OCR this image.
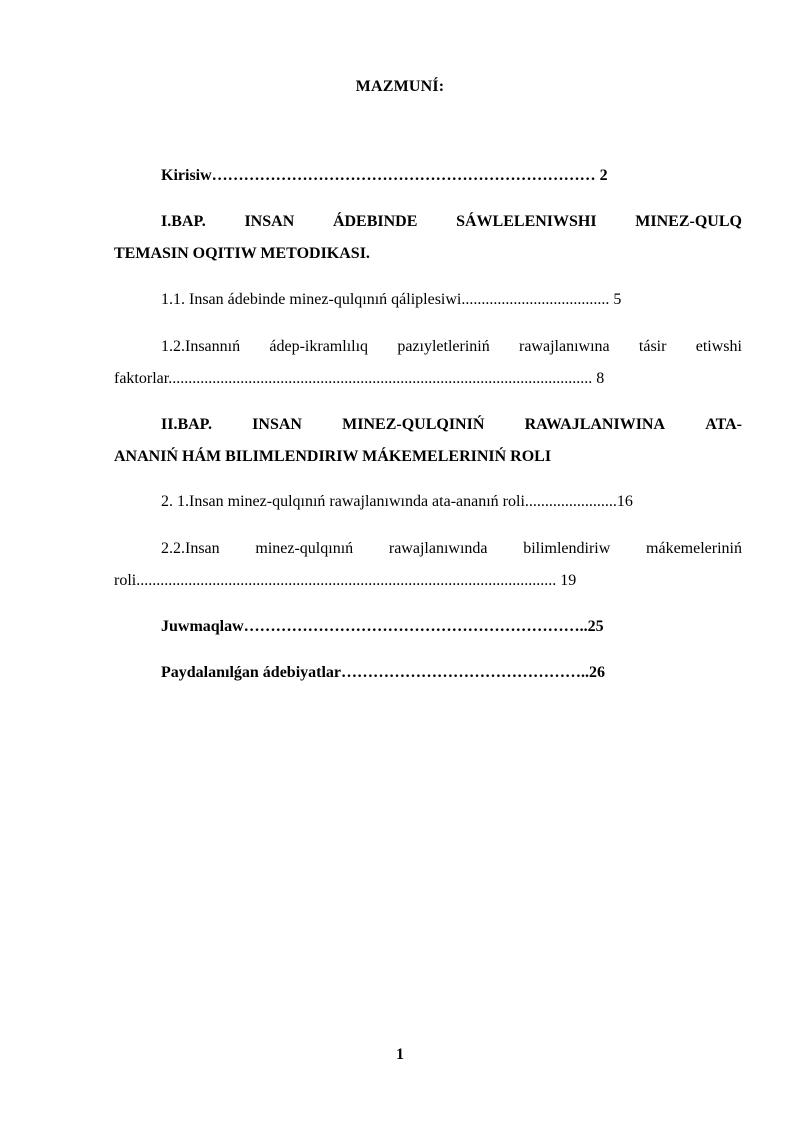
MAZMUNÍ:
Kirisiw……………………………………………………………… 2
I.BAP. INSAN ÁDEBINDE SÁWLELENIWSHI MINEZ-QULQ
TEMASIN OQITIW METODIKASI.
1.1. Insan ádebinde minez-qulqınıń qáliplesiwi..................................... 5
1.2.Insannıń ádep-ikramlılıq pazıyletleriniń rawajlanıwına tásir etiwshi
faktorlar.......................................................................................................... 8
II.BAP.	INSAN	MINEZ-QULQINIŃ	RAWAJLANIWINA	ATA-
ANANIŃ HÁM BILIMLENDIRIW MÁKEMELERINIŃ ROLI
2. 1.Insan minez-qulqınıń rawajlanıwında ata-ananıń roli.......................16
2.2.Insan minez-qulqınıń rawajlanıwında bilimlendiriw mákemeleriniń
roli......................................................................................................... 19
Juwmaqlaw………………………………………………………..25
Paydalanılǵan ádebiyatlar………………………………………..26
1
